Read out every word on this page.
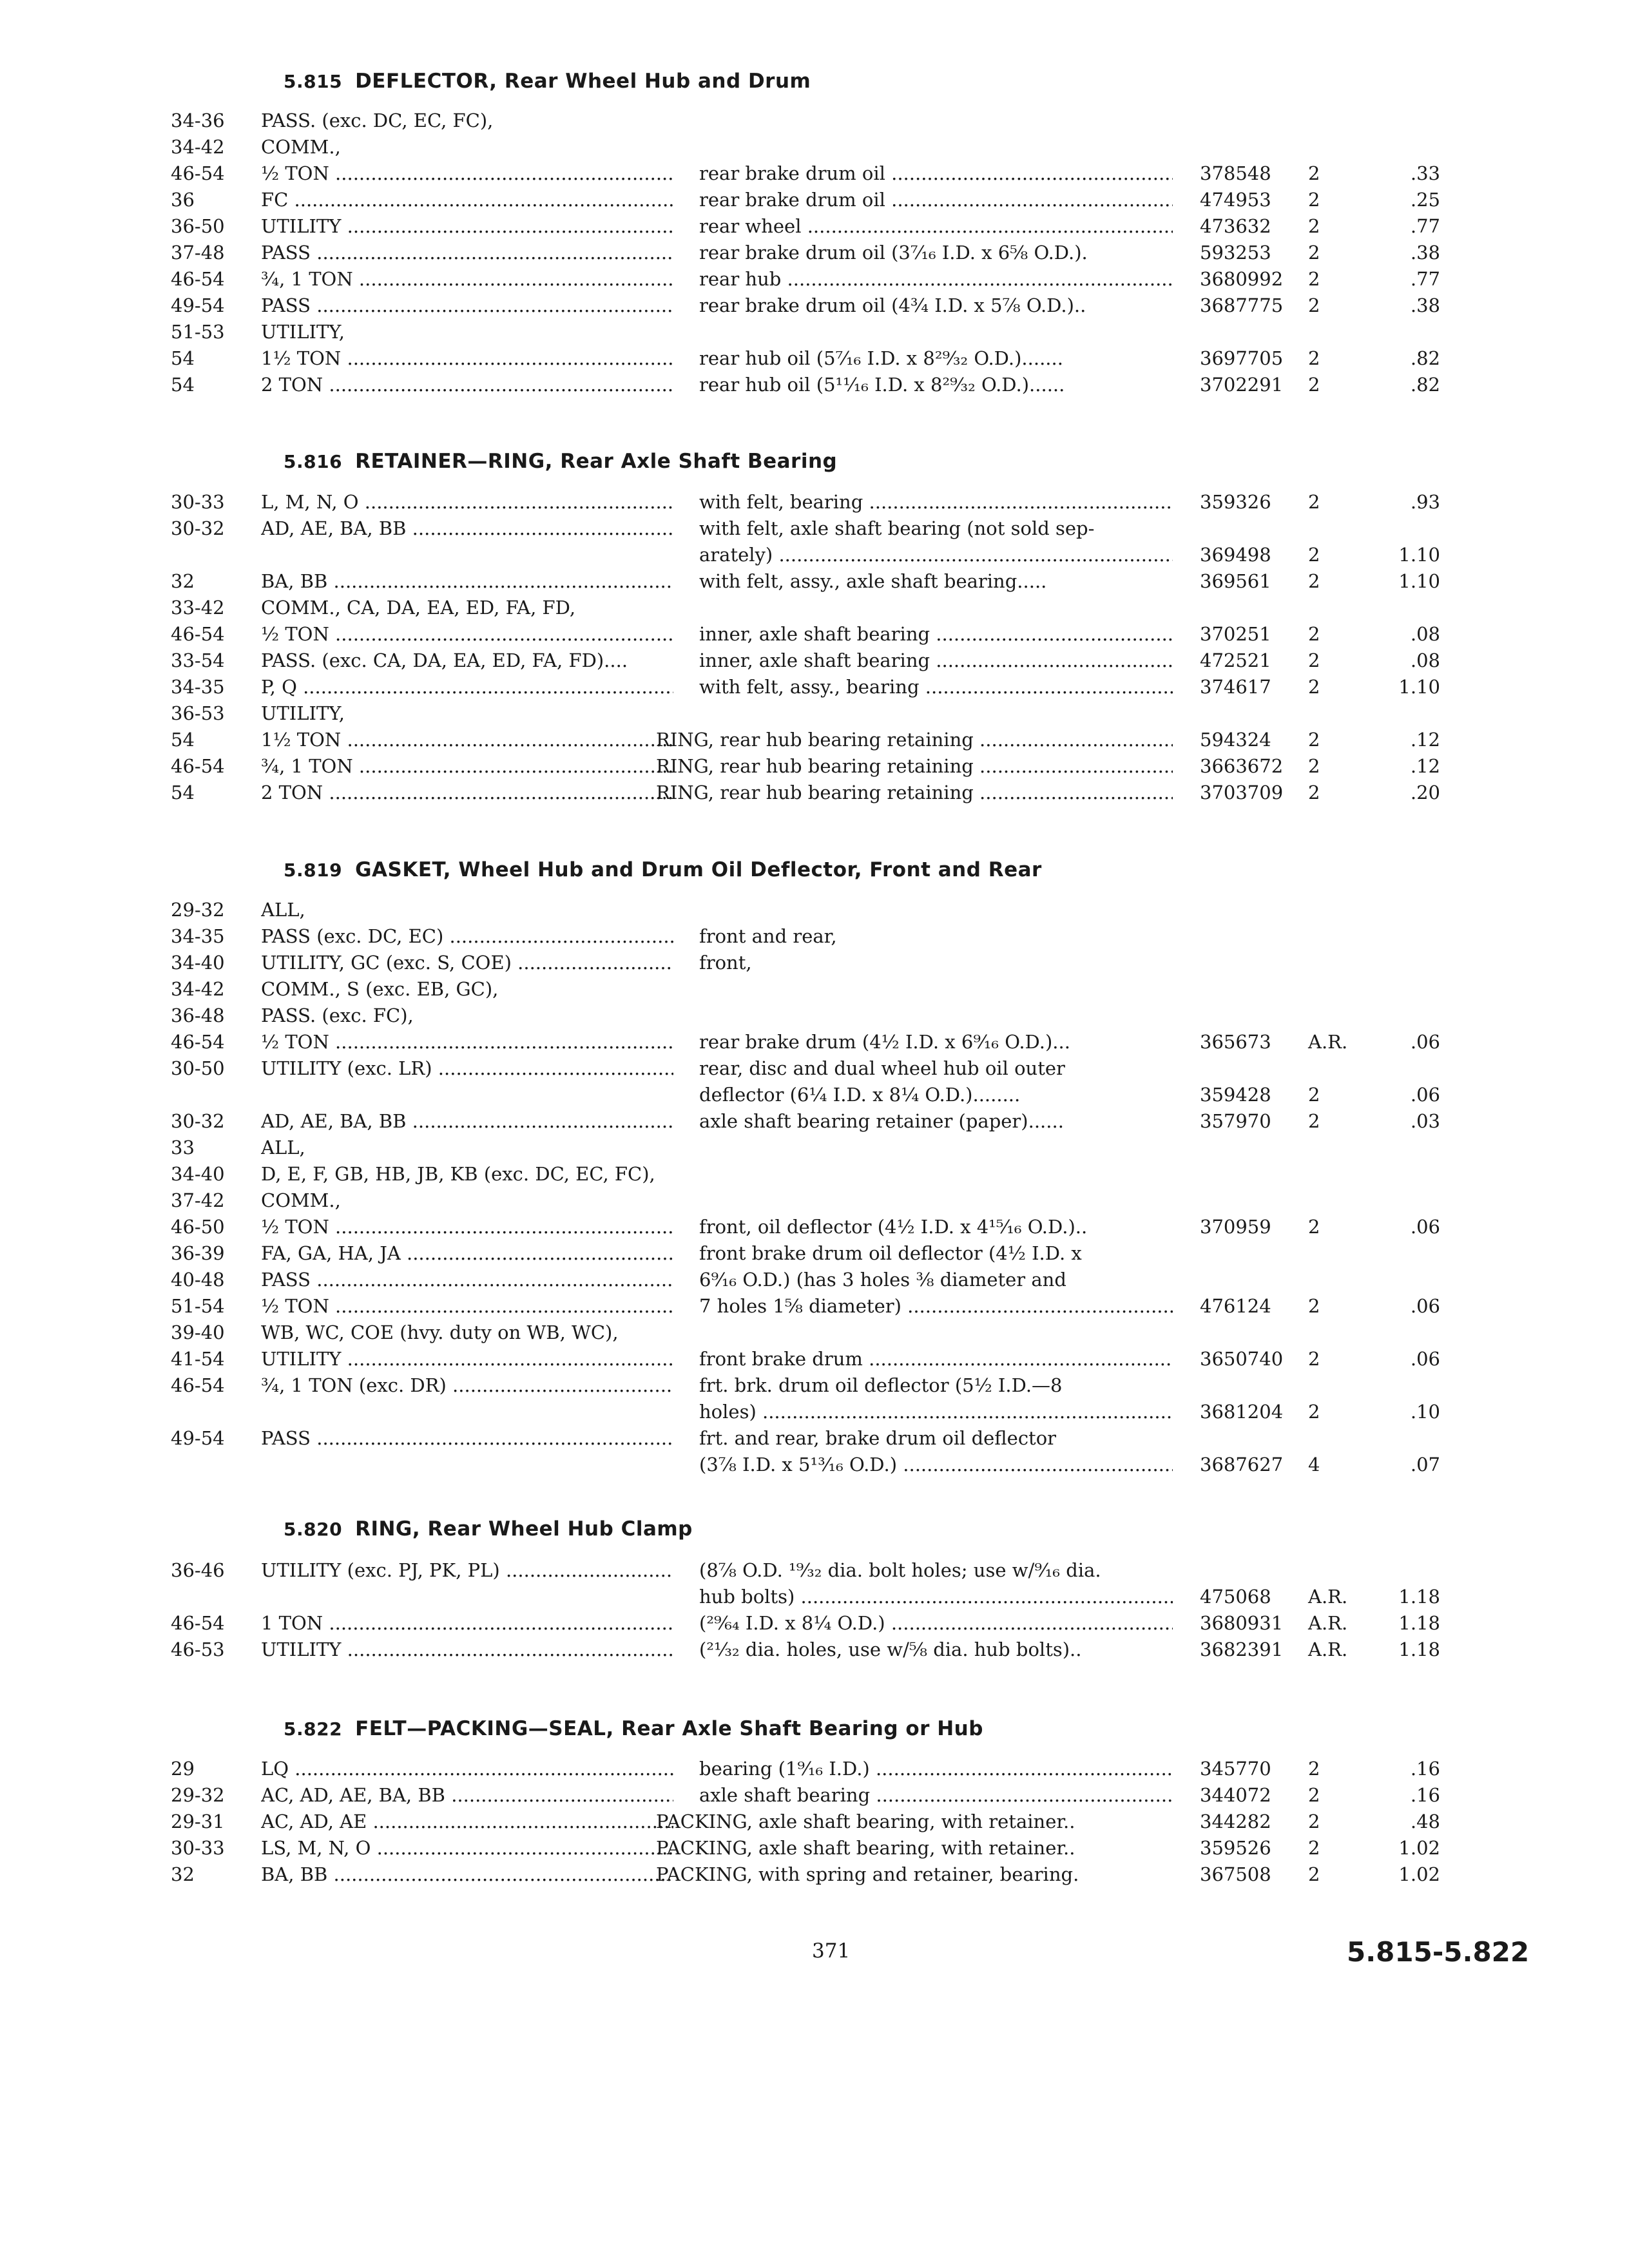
5.815 DEFLECTOR, Rear Wheel Hub and Drum
34-36 PASS. (exc. DC, EC, FC),
34-42 COMM.,
46-54 ½ TON .....	rear brake drum oil .....	378548 2	.33
36	FC .....	rear brake drum oil .....	474953 2	.25
36-50 UTILITY .....	rear wheel .....	473632 2	.77
37-48 PASS .....	rear brake drum oil (3⁷⁄₁₆ I.D. x 6⅝ O.D.).	593253 2	.38
46-54 ¾, 1 TON .....	rear hub .....	3680992 2	.77
49-54 PASS .....	rear brake drum oil (4¾ I.D. x 5⅞ O.D.)..	3687775 2	.38
51-53 UTILITY,
54	1½ TON .....	rear hub oil (5⁷⁄₁₆ I.D. x 8²⁹⁄₃₂ O.D.).......	3697705 2	.82
54	2 TON .....	rear hub oil (5¹¹⁄₁₆ I.D. x 8²⁹⁄₃₂ O.D.)......	3702291 2	.82
5.816 RETAINER—RING, Rear Axle Shaft Bearing
30-33 L, M, N, O .....	with felt, bearing .....	359326 2	.93
30-32 AD, AE, BA, BB .....	with felt, axle shaft bearing (not sold sep-
arately) .....	369498 2	1.10
32	BA, BB .....	with felt, assy., axle shaft bearing.....	369561 2	1.10
33-42 COMM., CA, DA, EA, ED, FA, FD,
46-54 ½ TON .....	inner, axle shaft bearing .....	370251 2	.08
33-54 PASS. (exc. CA, DA, EA, ED, FA, FD)....	inner, axle shaft bearing .....	472521 2	.08
34-35 P, Q .....	with felt, assy., bearing .....	374617 2	1.10
36-53 UTILITY,
54	1½ TON .....	RING, rear hub bearing retaining .....	594324 2	.12
46-54 ¾, 1 TON .....	RING, rear hub bearing retaining .....	3663672 2	.12
54	2 TON .....	RING, rear hub bearing retaining .....	3703709 2	.20
5.819 GASKET, Wheel Hub and Drum Oil Deflector, Front and Rear
29-32 ALL,
34-35 PASS (exc. DC, EC) .....	front and rear,
34-40 UTILITY, GC (exc. S, COE) .....	front,
34-42 COMM., S (exc. EB, GC),
36-48 PASS. (exc. FC),
46-54 ½ TON .....	rear brake drum (4½ I.D. x 6⁹⁄₁₆ O.D.)...	365673 A.R.	.06
30-50 UTILITY (exc. LR) .....	rear, disc and dual wheel hub oil outer
deflector (6¼ I.D. x 8¼ O.D.)........	359428 2	.06
30-32 AD, AE, BA, BB .....	axle shaft bearing retainer (paper)......	357970 2	.03
33	ALL,
34-40 D, E, F, GB, HB, JB, KB (exc. DC, EC, FC),
37-42 COMM.,
46-50 ½ TON .....	front, oil deflector (4½ I.D. x 4¹⁵⁄₁₆ O.D.)..	370959 2	.06
36-39 FA, GA, HA, JA .....	front brake drum oil deflector (4½ I.D. x
40-48 PASS .....	6⁹⁄₁₆ O.D.) (has 3 holes ⅜ diameter and
51-54 ½ TON .....	7 holes 1⅝ diameter) .....	476124 2	.06
39-40 WB, WC, COE (hvy. duty on WB, WC),
41-54 UTILITY .....	front brake drum .....	3650740 2	.06
46-54 ¾, 1 TON (exc. DR) .....	frt. brk. drum oil deflector (5½ I.D.—8
holes) .....	3681204 2	.10
49-54 PASS .....	frt. and rear, brake drum oil deflector
(3⅞ I.D. x 5¹³⁄₁₆ O.D.) .....	3687627 4	.07
5.820 RING, Rear Wheel Hub Clamp
36-46 UTILITY (exc. PJ, PK, PL) .....	(8⅞ O.D. ¹⁹⁄₃₂ dia. bolt holes; use w/⁹⁄₁₆ dia.
hub bolts) .....	475068 A.R.	1.18
46-54 1 TON .....	(²⁹⁄₆₄ I.D. x 8¼ O.D.) .....	3680931 A.R.	1.18
46-53 UTILITY .....	(²¹⁄₃₂ dia. holes, use w/⅝ dia. hub bolts)..	3682391 A.R.	1.18
5.822 FELT—PACKING—SEAL, Rear Axle Shaft Bearing or Hub
29	LQ .....	bearing (1⁹⁄₁₆ I.D.) .....	345770 2	.16
29-32 AC, AD, AE, BA, BB .....	axle shaft bearing .....	344072 2	.16
29-31 AC, AD, AE .....	PACKING, axle shaft bearing, with retainer..	344282 2	.48
30-33 LS, M, N, O .....	PACKING, axle shaft bearing, with retainer..	359526 2	1.02
32	BA, BB .....	PACKING, with spring and retainer, bearing.	367508 2	1.02
371	5.815-5.822
